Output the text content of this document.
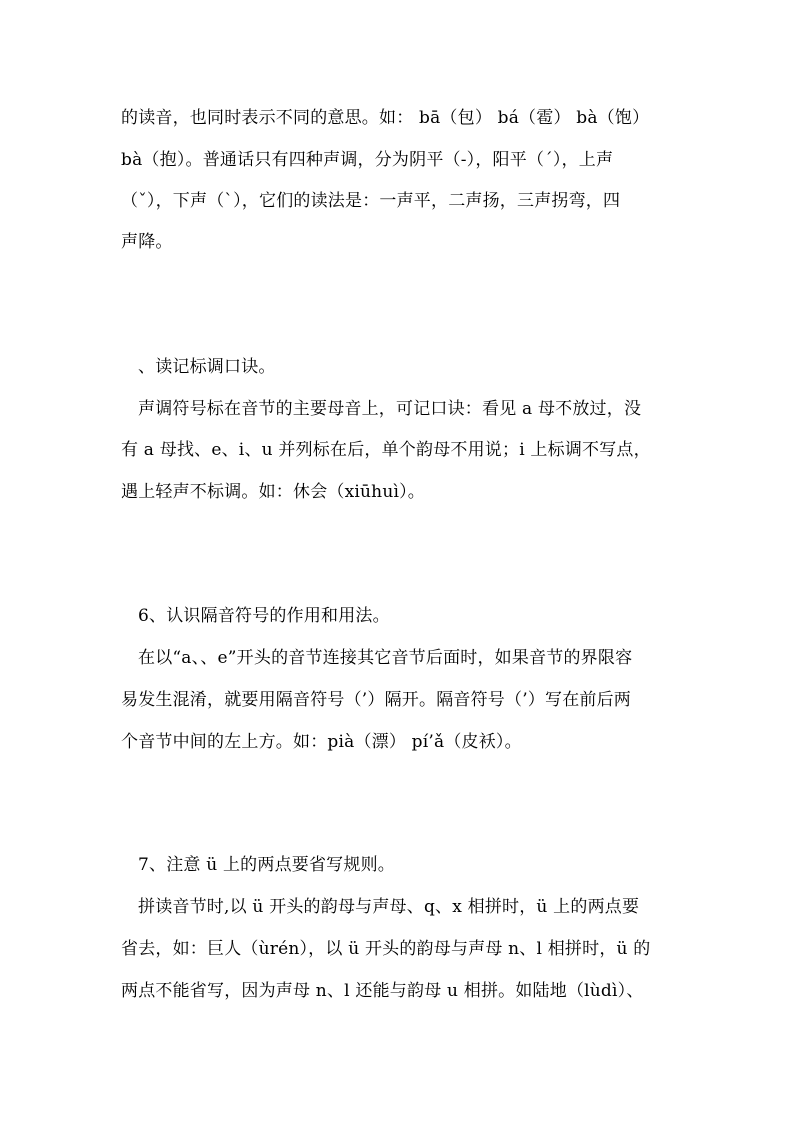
的读音，也同时表示不同的意思。如： bā（包） bá（雹） bà（饱）
bà（抱）。普通话只有四种声调，分为阴平（-），阳平（ˊ），上声
（ˇ），下声（ˋ），它们的读法是：一声平，二声扬，三声拐弯，四
声降。
、读记标调口诀。
声调符号标在音节的主要母音上，可记口诀：看见 a 母不放过，没
有 a 母找、e、i、u 并列标在后，单个韵母不用说；i 上标调不写点，
遇上轻声不标调。如：休会（xiūhuì）。
6、认识隔音符号的作用和用法。
在以“a、、e”开头的音节连接其它音节后面时，如果音节的界限容
易发生混淆，就要用隔音符号（’）隔开。隔音符号（’）写在前后两
个音节中间的左上方。如：pià（漂） pí’ǎ（皮袄）。
7、注意 ü 上的两点要省写规则。
拼读音节时,以 ü 开头的韵母与声母、q、x 相拼时，ü 上的两点要
省去，如：巨人（ùrén），以 ü 开头的韵母与声母 n、l 相拼时，ü 的
两点不能省写，因为声母 n、l 还能与韵母 u 相拼。如陆地（lùdì）、
